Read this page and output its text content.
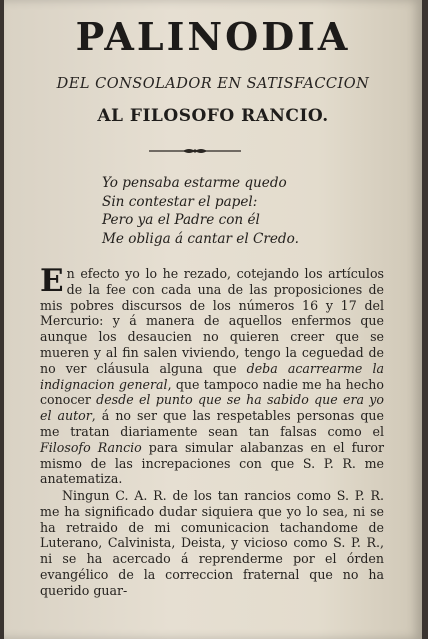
PALINODIA
DEL CONSOLADOR EN SATISFACCION
AL FILOSOFO RANCIO.
Yo pensaba estarme quedo
Sin contestar el papel:
Pero ya el Padre con él
Me obliga á cantar el Credo.
En efecto yo lo he rezado, cotejando los artículos de la fee con cada una de las proposiciones de mis pobres discursos de los números 16 y 17 del Mercurio: y á manera de aquellos enfermos que aunque los desaucien no quieren creer que se mueren y al fin salen viviendo, tengo la ceguedad de no ver cláusula alguna que deba acarrearme la indignacion general, que tampoco nadie me ha hecho conocer desde el punto que se ha sabido que era yo el autor, á no ser que las respetables personas que me tratan diariamente sean tan falsas como el Filosofo Rancio para simular alabanzas en el furor mismo de las increpaciones con que S. P. R. me anatematiza.
Ningun C. A. R. de los tan rancios como S. P. R. me ha significado dudar siquiera que yo lo sea, ni se ha retraido de mi comunicacion tachandome de Luterano, Calvinista, Deista, y vicioso como S. P. R., ni se ha acercado á reprenderme por el órden evangélico de la correccion fraternal que no ha querido guar-
